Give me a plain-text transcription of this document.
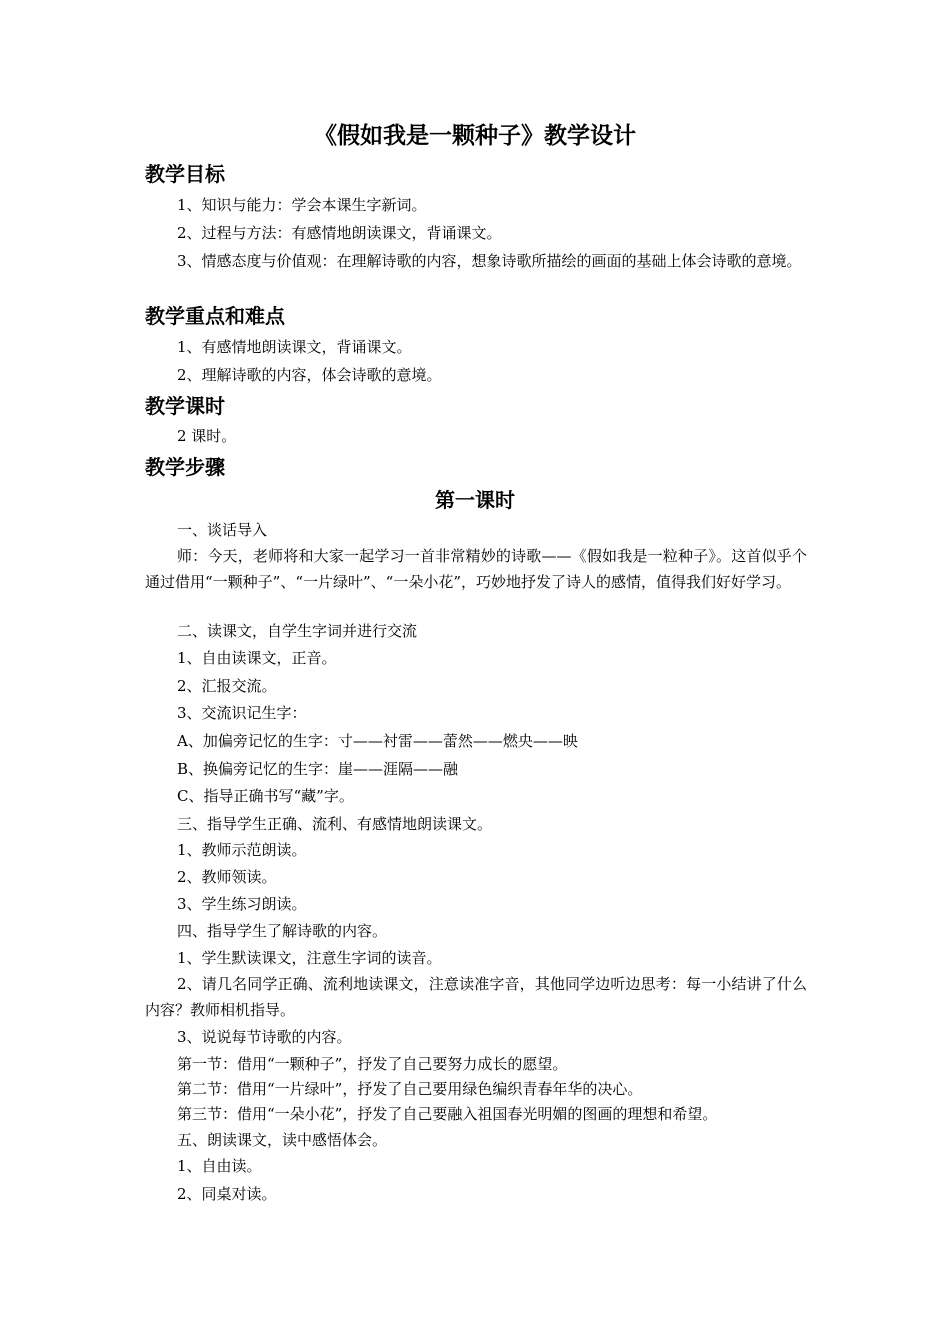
《假如我是一颗种子》教学设计
教学目标
1、知识与能力：学会本课生字新词。
2、过程与方法：有感情地朗读课文，背诵课文。
3、情感态度与价值观：在理解诗歌的内容，想象诗歌所描绘的画面的基础上体会诗歌的意境。
教学重点和难点
1、有感情地朗读课文，背诵课文。
2、理解诗歌的内容，体会诗歌的意境。
教学课时
2 课时。
教学步骤
第一课时
一、谈话导入
师：今天，老师将和大家一起学习一首非常精妙的诗歌——《假如我是一粒种子》。这首似乎个通过借用“一颗种子”、“一片绿叶”、“一朵小花”，巧妙地抒发了诗人的感情，值得我们好好学习。
二、读课文，自学生字词并进行交流
1、自由读课文，正音。
2、汇报交流。
3、交流识记生字：
A、加偏旁记忆的生字：寸——衬雷——蕾然——燃央——映
B、换偏旁记忆的生字：崖——涯隔——融
C、指导正确书写“藏”字。
三、指导学生正确、流利、有感情地朗读课文。
1、教师示范朗读。
2、教师领读。
3、学生练习朗读。
四、指导学生了解诗歌的内容。
1、学生默读课文，注意生字词的读音。
2、请几名同学正确、流利地读课文，注意读准字音，其他同学边听边思考：每一小结讲了什么内容？教师相机指导。
3、说说每节诗歌的内容。
第一节：借用“一颗种子”，抒发了自己要努力成长的愿望。
第二节：借用“一片绿叶”，抒发了自己要用绿色编织青春年华的决心。
第三节：借用“一朵小花”，抒发了自己要融入祖国春光明媚的图画的理想和希望。
五、朗读课文，读中感悟体会。
1、自由读。
2、同桌对读。
